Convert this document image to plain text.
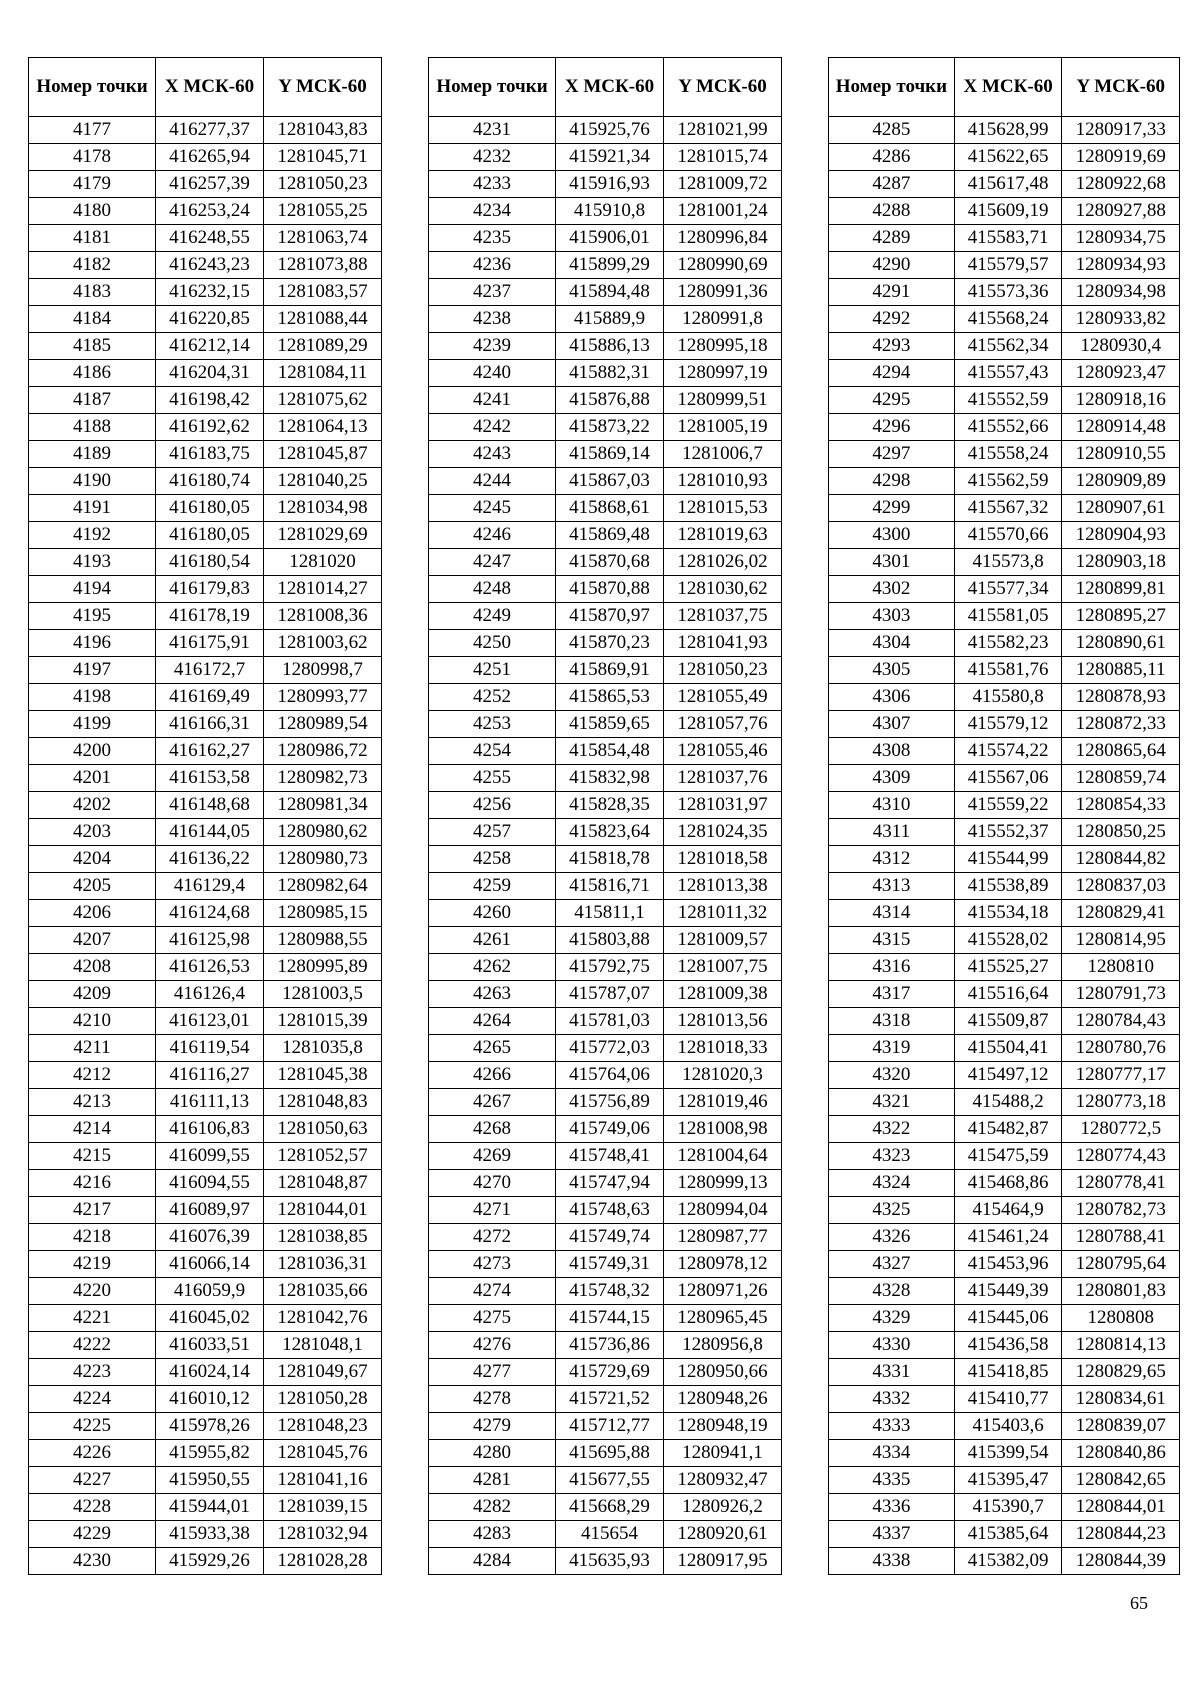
Номер точки	X МСК-60	Y МСК-60
4177	416277,37	1281043,83
4178	416265,94	1281045,71
4179	416257,39	1281050,23
4180	416253,24	1281055,25
4181	416248,55	1281063,74
4182	416243,23	1281073,88
4183	416232,15	1281083,57
4184	416220,85	1281088,44
4185	416212,14	1281089,29
4186	416204,31	1281084,11
4187	416198,42	1281075,62
4188	416192,62	1281064,13
4189	416183,75	1281045,87
4190	416180,74	1281040,25
4191	416180,05	1281034,98
4192	416180,05	1281029,69
4193	416180,54	1281020
4194	416179,83	1281014,27
4195	416178,19	1281008,36
4196	416175,91	1281003,62
4197	416172,7	1280998,7
4198	416169,49	1280993,77
4199	416166,31	1280989,54
4200	416162,27	1280986,72
4201	416153,58	1280982,73
4202	416148,68	1280981,34
4203	416144,05	1280980,62
4204	416136,22	1280980,73
4205	416129,4	1280982,64
4206	416124,68	1280985,15
4207	416125,98	1280988,55
4208	416126,53	1280995,89
4209	416126,4	1281003,5
4210	416123,01	1281015,39
4211	416119,54	1281035,8
4212	416116,27	1281045,38
4213	416111,13	1281048,83
4214	416106,83	1281050,63
4215	416099,55	1281052,57
4216	416094,55	1281048,87
4217	416089,97	1281044,01
4218	416076,39	1281038,85
4219	416066,14	1281036,31
4220	416059,9	1281035,66
4221	416045,02	1281042,76
4222	416033,51	1281048,1
4223	416024,14	1281049,67
4224	416010,12	1281050,28
4225	415978,26	1281048,23
4226	415955,82	1281045,76
4227	415950,55	1281041,16
4228	415944,01	1281039,15
4229	415933,38	1281032,94
4230	415929,26	1281028,28
Номер точки	X МСК-60	Y МСК-60
4231	415925,76	1281021,99
4232	415921,34	1281015,74
4233	415916,93	1281009,72
4234	415910,8	1281001,24
4235	415906,01	1280996,84
4236	415899,29	1280990,69
4237	415894,48	1280991,36
4238	415889,9	1280991,8
4239	415886,13	1280995,18
4240	415882,31	1280997,19
4241	415876,88	1280999,51
4242	415873,22	1281005,19
4243	415869,14	1281006,7
4244	415867,03	1281010,93
4245	415868,61	1281015,53
4246	415869,48	1281019,63
4247	415870,68	1281026,02
4248	415870,88	1281030,62
4249	415870,97	1281037,75
4250	415870,23	1281041,93
4251	415869,91	1281050,23
4252	415865,53	1281055,49
4253	415859,65	1281057,76
4254	415854,48	1281055,46
4255	415832,98	1281037,76
4256	415828,35	1281031,97
4257	415823,64	1281024,35
4258	415818,78	1281018,58
4259	415816,71	1281013,38
4260	415811,1	1281011,32
4261	415803,88	1281009,57
4262	415792,75	1281007,75
4263	415787,07	1281009,38
4264	415781,03	1281013,56
4265	415772,03	1281018,33
4266	415764,06	1281020,3
4267	415756,89	1281019,46
4268	415749,06	1281008,98
4269	415748,41	1281004,64
4270	415747,94	1280999,13
4271	415748,63	1280994,04
4272	415749,74	1280987,77
4273	415749,31	1280978,12
4274	415748,32	1280971,26
4275	415744,15	1280965,45
4276	415736,86	1280956,8
4277	415729,69	1280950,66
4278	415721,52	1280948,26
4279	415712,77	1280948,19
4280	415695,88	1280941,1
4281	415677,55	1280932,47
4282	415668,29	1280926,2
4283	415654	1280920,61
4284	415635,93	1280917,95
Номер точки	X МСК-60	Y МСК-60
4285	415628,99	1280917,33
4286	415622,65	1280919,69
4287	415617,48	1280922,68
4288	415609,19	1280927,88
4289	415583,71	1280934,75
4290	415579,57	1280934,93
4291	415573,36	1280934,98
4292	415568,24	1280933,82
4293	415562,34	1280930,4
4294	415557,43	1280923,47
4295	415552,59	1280918,16
4296	415552,66	1280914,48
4297	415558,24	1280910,55
4298	415562,59	1280909,89
4299	415567,32	1280907,61
4300	415570,66	1280904,93
4301	415573,8	1280903,18
4302	415577,34	1280899,81
4303	415581,05	1280895,27
4304	415582,23	1280890,61
4305	415581,76	1280885,11
4306	415580,8	1280878,93
4307	415579,12	1280872,33
4308	415574,22	1280865,64
4309	415567,06	1280859,74
4310	415559,22	1280854,33
4311	415552,37	1280850,25
4312	415544,99	1280844,82
4313	415538,89	1280837,03
4314	415534,18	1280829,41
4315	415528,02	1280814,95
4316	415525,27	1280810
4317	415516,64	1280791,73
4318	415509,87	1280784,43
4319	415504,41	1280780,76
4320	415497,12	1280777,17
4321	415488,2	1280773,18
4322	415482,87	1280772,5
4323	415475,59	1280774,43
4324	415468,86	1280778,41
4325	415464,9	1280782,73
4326	415461,24	1280788,41
4327	415453,96	1280795,64
4328	415449,39	1280801,83
4329	415445,06	1280808
4330	415436,58	1280814,13
4331	415418,85	1280829,65
4332	415410,77	1280834,61
4333	415403,6	1280839,07
4334	415399,54	1280840,86
4335	415395,47	1280842,65
4336	415390,7	1280844,01
4337	415385,64	1280844,23
4338	415382,09	1280844,39
65
